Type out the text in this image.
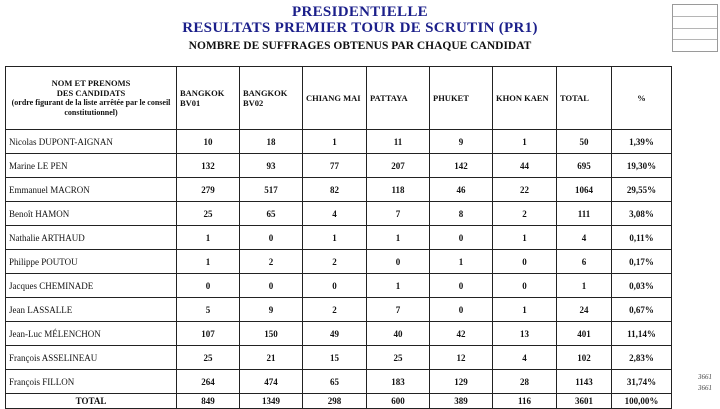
PRESIDENTIELLE
RESULTATS PREMIER TOUR DE SCRUTIN (PR1)
NOMBRE DE SUFFRAGES OBTENUS PAR CHAQUE CANDIDAT
NOM ET PRENOMS
DES CANDIDATS
(ordre figurant de la liste arrêtée par le conseil constitutionnel)	BANGKOK BV01	BANGKOK BV02	CHIANG MAI	PATTAYA	PHUKET	KHON KAEN	TOTAL	%
Nicolas DUPONT-AIGNAN	10	18	1	11	9	1	50	1,39%
Marine LE PEN	132	93	77	207	142	44	695	19,30%
Emmanuel MACRON	279	517	82	118	46	22	1064	29,55%
Benoît HAMON	25	65	4	7	8	2	111	3,08%
Nathalie ARTHAUD	1	0	1	1	0	1	4	0,11%
Philippe POUTOU	1	2	2	0	1	0	6	0,17%
Jacques CHEMINADE	0	0	0	1	0	0	1	0,03%
Jean LASSALLE	5	9	2	7	0	1	24	0,67%
Jean-Luc MÉLENCHON	107	150	49	40	42	13	401	11,14%
François ASSELINEAU	25	21	15	25	12	4	102	2,83%
François FILLON	264	474	65	183	129	28	1143	31,74%
TOTAL	849	1349	298	600	389	116	3601	100,00%
3661
3661
